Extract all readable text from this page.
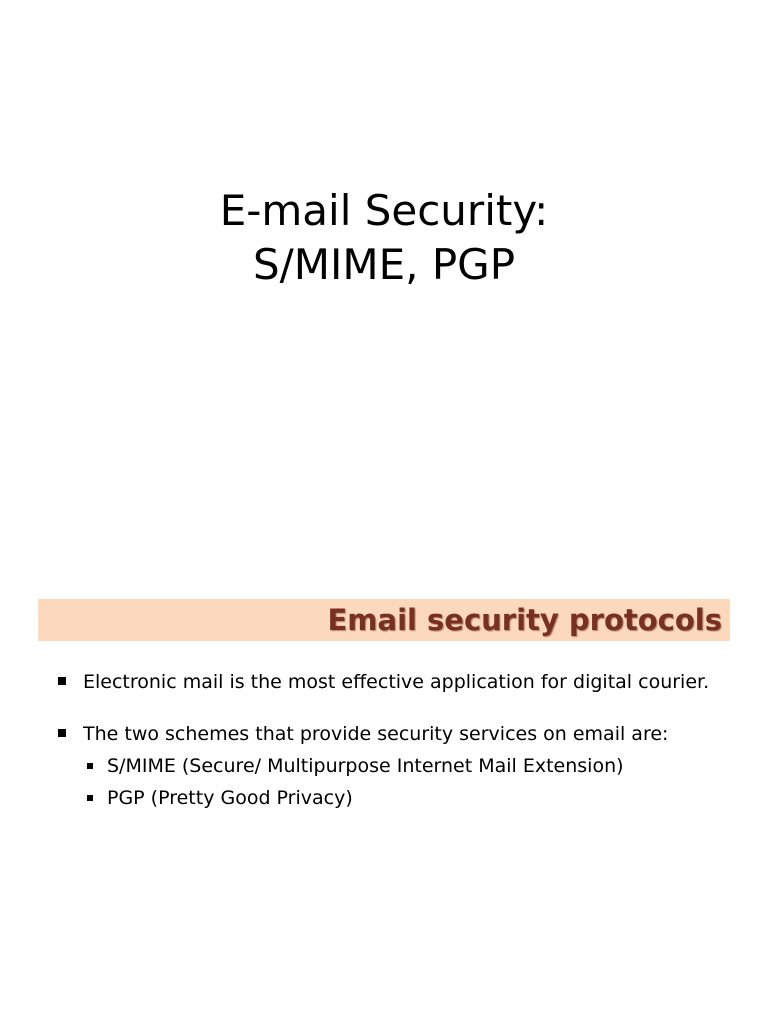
E-mail Security:
S/MIME, PGP
Email security protocols
Electronic mail is the most effective application for digital courier.
The two schemes that provide security services on email are:
S/MIME (Secure/ Multipurpose Internet Mail Extension)
PGP (Pretty Good Privacy)
